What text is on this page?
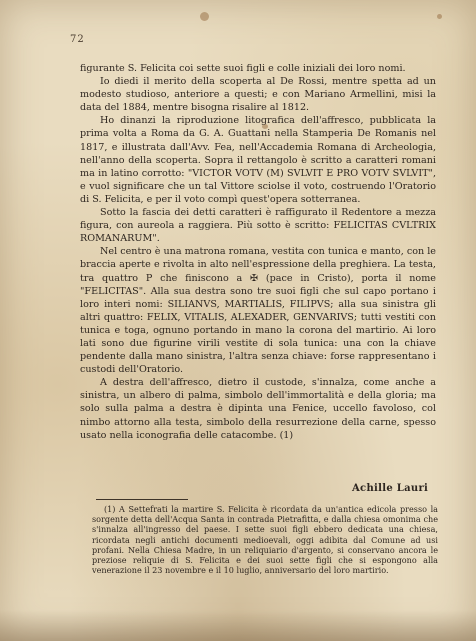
72

figurante S. Felicita coi sette suoi figli e colle iniziali dei loro nomi.

Io diedi il merito della scoperta al De Rossi, mentre spetta ad un modesto studioso, anteriore a questi; e con Mariano Armellini, misi la data del 1884, mentre bisogna risalire al 1812.

Ho dinanzi la riproduzione litografica dell'affresco, pubblicata la prima volta a Roma da G. A. Guattani nella Stamperia De Romanis nel 1817, e illustrata dall'Avv. Fea, nell'Accademia Romana di Archeologia, nell'anno della scoperta. Sopra il rettangolo è scritto a caratteri romani ma in latino corrotto: "VICTOR VOTV (M) SVLVIT E PRO VOTV SVLVIT", e vuol significare che un tal Vittore sciolse il voto, costruendo l'Oratorio di S. Felicita, e per il voto compì quest'opera sotterranea.

Sotto la fascia dei detti caratteri è raffigurato il Redentore a mezza figura, con aureola a raggiera. Più sotto è scritto: FELICITAS CVLTRIX ROMANARUM".

Nel centro è una matrona romana, vestita con tunica e manto, con le braccia aperte e rivolta in alto nell'espressione della preghiera. La testa, tra quattro P che finiscono a ✠ (pace in Cristo), porta il nome "FELICITAS". Alla sua destra sono tre suoi figli che sul capo portano i loro interi nomi: SILIANVS, MARTIALIS, FILIPVS; alla sua sinistra gli altri quattro: FELIX, VITALIS, ALEXADER, GENVARIVS; tutti vestiti con tunica e toga, ognuno portando in mano la corona del martirio. Ai loro lati sono due figurine virili vestite di sola tunica: una con la chiave pendente dalla mano sinistra, l'altra senza chiave: forse rappresentano i custodi dell'Oratorio.

A destra dell'affresco, dietro il custode, s'innalza, come anche a sinistra, un albero di palma, simbolo dell'immortalità e della gloria; ma solo sulla palma a destra è dipinta una Fenice, uccello favoloso, col nimbo attorno alla testa, simbolo della resurrezione della carne, spesso usato nella iconografia delle catacombe. (1)

Achille Lauri

(1) A Settefrati la martire S. Felicita è ricordata da un'antica edicola presso la sorgente detta dell'Acqua Santa in contrada Pietrafitta, e dalla chiesa omonima che s'innalza all'ingresso del paese. I sette suoi figli ebbero dedicata una chiesa, ricordata negli antichi documenti medioevali, oggi adibita dal Comune ad usi profani. Nella Chiesa Madre, in un reliquiario d'argento, si conservano ancora le preziose reliquie di S. Felicita e dei suoi sette figli che si espongono alla venerazione il 23 novembre e il 10 luglio, anniversario del loro martirio.
